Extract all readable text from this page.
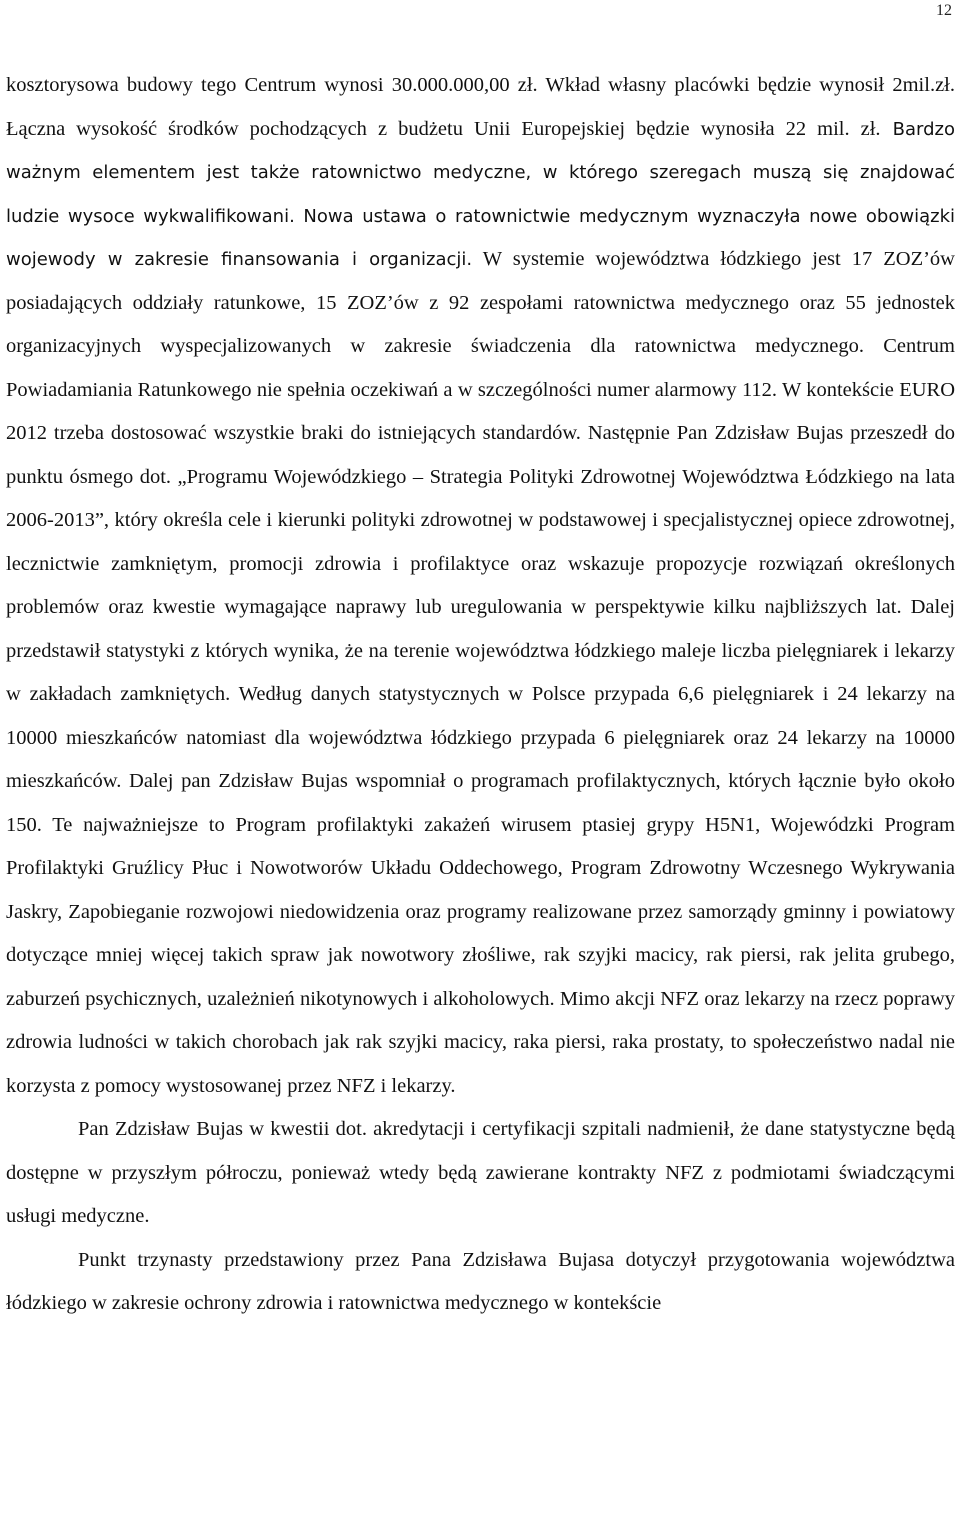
12

kosztorysowa budowy tego Centrum wynosi 30.000.000,00 zł. Wkład własny placówki będzie wynosił 2mil.zł. Łączna wysokość środków pochodzących z budżetu Unii Europejskiej będzie wynosiła 22 mil. zł. Bardzo ważnym elementem jest także ratownictwo medyczne, w którego szeregach muszą się znajdować ludzie wysoce wykwalifikowani. Nowa ustawa o ratownictwie medycznym wyznaczyła nowe obowiązki wojewody w zakresie finansowania i organizacji. W systemie województwa łódzkiego jest 17 ZOZ’ów posiadających oddziały ratunkowe, 15 ZOZ’ów z 92 zespołami ratownictwa medycznego oraz 55 jednostek organizacyjnych wyspecjalizowanych w zakresie świadczenia dla ratownictwa medycznego. Centrum Powiadamiania Ratunkowego nie spełnia oczekiwań a w szczególności numer alarmowy 112. W kontekście EURO 2012 trzeba dostosować wszystkie braki do istniejących standardów. Następnie Pan Zdzisław Bujas przeszedł do punktu ósmego dot. „Programu Wojewódzkiego – Strategia Polityki Zdrowotnej Województwa Łódzkiego na lata 2006-2013”, który określa cele i kierunki polityki zdrowotnej w podstawowej i specjalistycznej opiece zdrowotnej, lecznictwie zamkniętym, promocji zdrowia i profilaktyce oraz wskazuje propozycje rozwiązań określonych problemów oraz kwestie wymagające naprawy lub uregulowania w perspektywie kilku najbliższych lat. Dalej przedstawił statystyki z których wynika, że na terenie województwa łódzkiego maleje liczba pielęgniarek i lekarzy w zakładach zamkniętych. Według danych statystycznych w Polsce przypada 6,6 pielęgniarek i 24 lekarzy na 10000 mieszkańców natomiast dla województwa łódzkiego przypada 6 pielęgniarek oraz 24 lekarzy na 10000 mieszkańców. Dalej pan Zdzisław Bujas wspomniał o programach profilaktycznych, których łącznie było około 150. Te najważniejsze to Program profilaktyki zakażeń wirusem ptasiej grypy H5N1, Wojewódzki Program Profilaktyki Gruźlicy Płuc i Nowotworów Układu Oddechowego, Program Zdrowotny Wczesnego Wykrywania Jaskry, Zapobieganie rozwojowi niedowidzenia oraz programy realizowane przez samorządy gminny i powiatowy dotyczące mniej więcej takich spraw jak nowotwory złośliwe, rak szyjki macicy, rak piersi, rak jelita grubego, zaburzeń psychicznych, uzależnień nikotynowych i alkoholowych. Mimo akcji NFZ oraz lekarzy na rzecz poprawy zdrowia ludności w takich chorobach jak rak szyjki macicy, raka piersi, raka prostaty, to społeczeństwo nadal nie korzysta z pomocy wystosowanej przez NFZ i lekarzy.

Pan Zdzisław Bujas w kwestii dot. akredytacji i certyfikacji szpitali nadmienił, że dane statystyczne będą dostępne w przyszłym półroczu, ponieważ wtedy będą zawierane kontrakty NFZ z podmiotami świadczącymi usługi medyczne.

Punkt trzynasty przedstawiony przez Pana Zdzisława Bujasa dotyczył przygotowania województwa łódzkiego w zakresie ochrony zdrowia i ratownictwa medycznego w kontekście
